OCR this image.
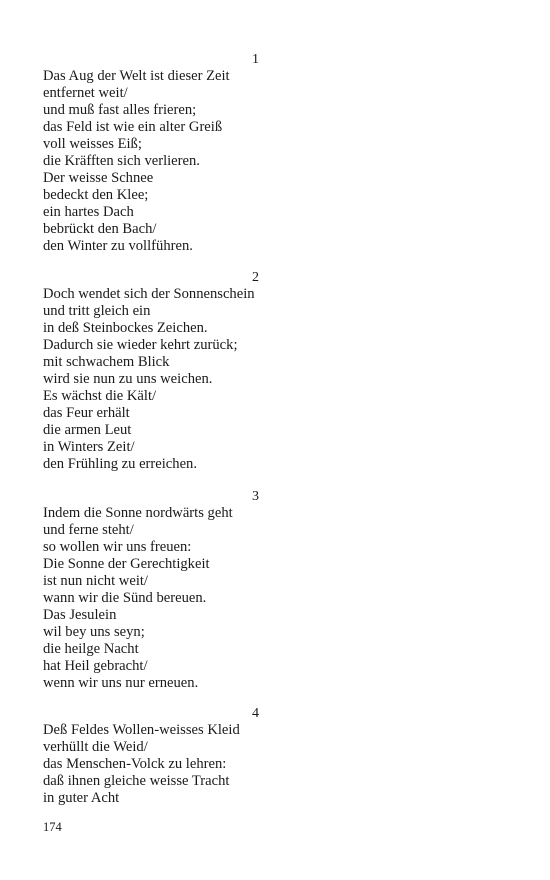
1
Das Aug der Welt ist dieser Zeit
entfernet weit/
und muß fast alles frieren;
das Feld ist wie ein alter Greiß
voll weisses Eiß;
die Kräfften sich verlieren.
Der weisse Schnee
bedeckt den Klee;
ein hartes Dach
bebrückt den Bach/
den Winter zu vollführen.
2
Doch wendet sich der Sonnenschein
und tritt gleich ein
in deß Steinbockes Zeichen.
Dadurch sie wieder kehrt zurück;
mit schwachem Blick
wird sie nun zu uns weichen.
Es wächst die Kält/
das Feur erhält
die armen Leut
in Winters Zeit/
den Frühling zu erreichen.
3
Indem die Sonne nordwärts geht
und ferne steht/
so wollen wir uns freuen:
Die Sonne der Gerechtigkeit
ist nun nicht weit/
wann wir die Sünd bereuen.
Das Jesulein
wil bey uns seyn;
die heilge Nacht
hat Heil gebracht/
wenn wir uns nur erneuen.
4
Deß Feldes Wollen-weisses Kleid
verhüllt die Weid/
das Menschen-Volck zu lehren:
daß ihnen gleiche weisse Tracht
in guter Acht
174
